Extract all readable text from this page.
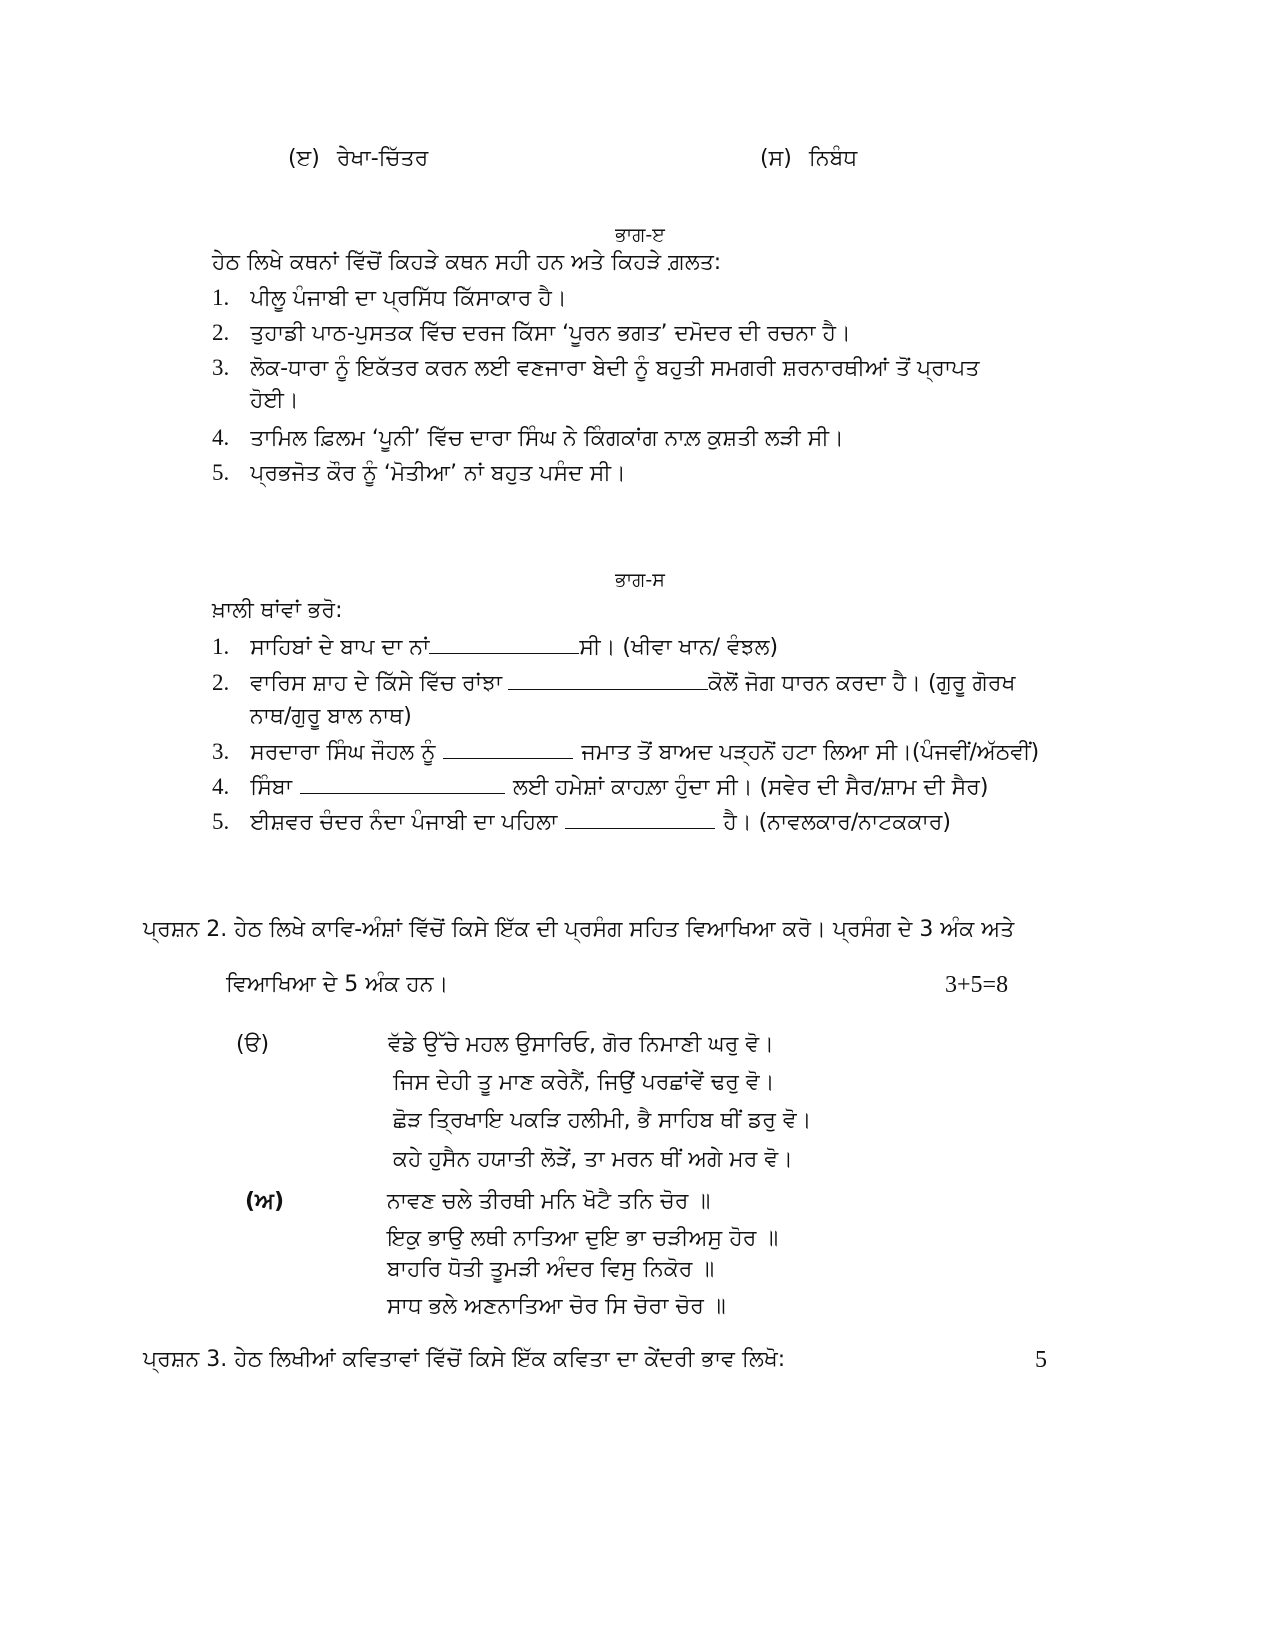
(ੲ) ਰੇਖਾ-ਚਿੱਤਰ	(ਸ) ਨਿਬੰਧ
ਭਾਗ-ੲ
ਹੇਠ ਲਿਖੇ ਕਥਨਾਂ ਵਿੱਚੋਂ ਕਿਹੜੇ ਕਥਨ ਸਹੀ ਹਨ ਅਤੇ ਕਿਹੜੇ ਗ਼ਲਤ:
1. ਪੀਲੂ ਪੰਜਾਬੀ ਦਾ ਪ੍ਰਸਿੱਧ ਕਿੱਸਾਕਾਰ ਹੈ।
2. ਤੁਹਾਡੀ ਪਾਠ-ਪੁਸਤਕ ਵਿੱਚ ਦਰਜ ਕਿੱਸਾ ‘ਪੂਰਨ ਭਗਤ’ ਦਮੋਦਰ ਦੀ ਰਚਨਾ ਹੈ।
3. ਲੋਕ-ਧਾਰਾ ਨੂੰ ਇਕੱਤਰ ਕਰਨ ਲਈ ਵਣਜਾਰਾ ਬੇਦੀ ਨੂੰ ਬਹੁਤੀ ਸਮਗਰੀ ਸ਼ਰਨਾਰਥੀਆਂ ਤੋਂ ਪ੍ਰਾਪਤ
ਹੋਈ।
4. ਤਾਮਿਲ ਫ਼ਿਲਮ ‘ਪੂਨੀ’ ਵਿੱਚ ਦਾਰਾ ਸਿੰਘ ਨੇ ਕਿੰਗਕਾਂਗ ਨਾਲ਼ ਕੁਸ਼ਤੀ ਲੜੀ ਸੀ।
5. ਪ੍ਰਭਜੋਤ ਕੌਰ ਨੂੰ ‘ਮੋਤੀਆ’ ਨਾਂ ਬਹੁਤ ਪਸੰਦ ਸੀ।
ਭਾਗ-ਸ
ਖ਼ਾਲੀ ਥਾਂਵਾਂ ਭਰੋ:
1. ਸਾਹਿਬਾਂ ਦੇ ਬਾਪ ਦਾ ਨਾਂ	ਸੀ। (ਖੀਵਾ ਖਾਨ/ ਵੰਝਲ)
2. ਵਾਰਿਸ ਸ਼ਾਹ ਦੇ ਕਿੱਸੇ ਵਿੱਚ ਰਾਂਝਾ	ਕੋਲੋਂ ਜੋਗ ਧਾਰਨ ਕਰਦਾ ਹੈ। (ਗੁਰੂ ਗੋਰਖ
ਨਾਥ/ਗੁਰੂ ਬਾਲ ਨਾਥ)
3. ਸਰਦਾਰਾ ਸਿੰਘ ਜੌਹਲ ਨੂੰ	ਜਮਾਤ ਤੋਂ ਬਾਅਦ ਪੜ੍ਹਨੋਂ ਹਟਾ ਲਿਆ ਸੀ।(ਪੰਜਵੀਂ/ਅੱਠਵੀਂ)
4. ਸਿੰਬਾ	ਲਈ ਹਮੇਸ਼ਾਂ ਕਾਹਲ਼ਾ ਹੁੰਦਾ ਸੀ। (ਸਵੇਰ ਦੀ ਸੈਰ/ਸ਼ਾਮ ਦੀ ਸੈਰ)
5. ਈਸ਼ਵਰ ਚੰਦਰ ਨੰਦਾ ਪੰਜਾਬੀ ਦਾ ਪਹਿਲਾ	ਹੈ। (ਨਾਵਲਕਾਰ/ਨਾਟਕਕਾਰ)
ਪ੍ਰਸ਼ਨ 2. ਹੇਠ ਲਿਖੇ ਕਾਵਿ-ਅੰਸ਼ਾਂ ਵਿੱਚੋਂ ਕਿਸੇ ਇੱਕ ਦੀ ਪ੍ਰਸੰਗ ਸਹਿਤ ਵਿਆਖਿਆ ਕਰੋ। ਪ੍ਰਸੰਗ ਦੇ 3 ਅੰਕ ਅਤੇ
ਵਿਆਖਿਆ ਦੇ 5 ਅੰਕ ਹਨ।	3+5=8
(ੳ)	ਵੱਡੇ ਉੱਚੇ ਮਹਲ ਉਸਾਰਿਓ, ਗੋਰ ਨਿਮਾਣੀ ਘਰੁ ਵੋ।
ਜਿਸ ਦੇਹੀ ਤੂ ਮਾਣ ਕਰੇਨੈਂ, ਜਿਉਂ ਪਰਛਾਂਵੇਂ ਢਰੁ ਵੋ।
ਛੋੜ ਤ੍ਰਿਖਾਇ ਪਕੜਿ ਹਲੀਮੀ, ਭੈ ਸਾਹਿਬ ਥੀਂ ਡਰੁ ਵੋ।
ਕਹੇ ਹੁਸੈਨ ਹਯਾਤੀ ਲੋੜੇਂ, ਤਾ ਮਰਨ ਥੀਂ ਅਗੇ ਮਰ ਵੋ।
(ਅ)	ਨਾਵਣ ਚਲੇ ਤੀਰਥੀ ਮਨਿ ਖੋਟੈ ਤਨਿ ਚੋਰ ॥
ਇਕੁ ਭਾਉ ਲਥੀ ਨਾਤਿਆ ਦੁਇ ਭਾ ਚੜੀਅਸੁ ਹੋਰ ॥
ਬਾਹਰਿ ਧੋਤੀ ਤੂਮੜੀ ਅੰਦਰ ਵਿਸੁ ਨਿਕੋਰ ॥
ਸਾਧ ਭਲੇ ਅਣਨਾਤਿਆ ਚੋਰ ਸਿ ਚੋਰਾ ਚੋਰ ॥
ਪ੍ਰਸ਼ਨ 3. ਹੇਠ ਲਿਖੀਆਂ ਕਵਿਤਾਵਾਂ ਵਿੱਚੋਂ ਕਿਸੇ ਇੱਕ ਕਵਿਤਾ ਦਾ ਕੇਂਦਰੀ ਭਾਵ ਲਿਖੋ:	5
